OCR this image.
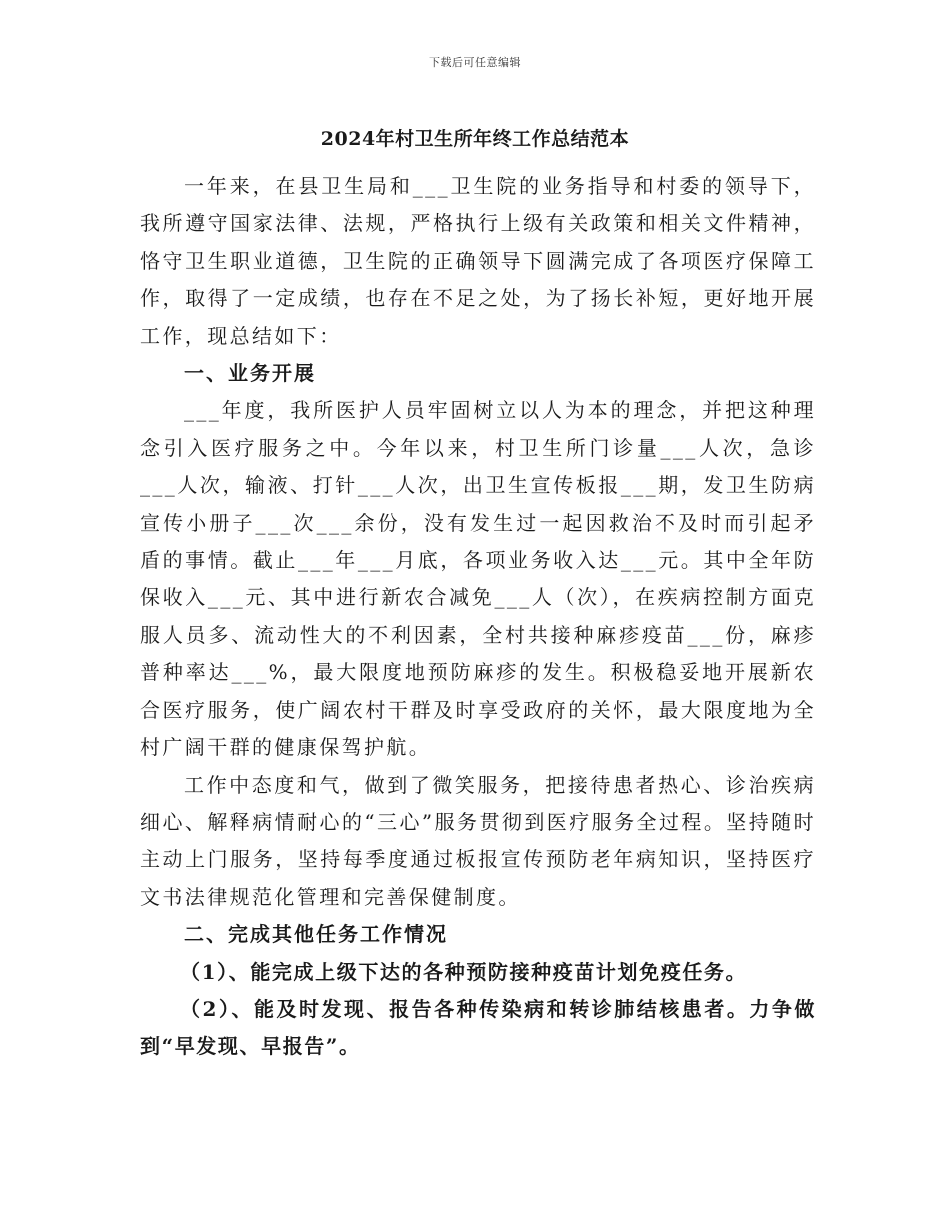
下载后可任意编辑
2024年村卫生所年终工作总结范本

一年来，在县卫生局和___卫生院的业务指导和村委的领导下，我所遵守国家法律、法规，严格执行上级有关政策和相关文件精神，恪守卫生职业道德，卫生院的正确领导下圆满完成了各项医疗保障工作，取得了一定成绩，也存在不足之处，为了扬长补短，更好地开展工作，现总结如下：

一、业务开展

___年度，我所医护人员牢固树立以人为本的理念，并把这种理念引入医疗服务之中。今年以来，村卫生所门诊量___人次，急诊___人次，输液、打针___人次，出卫生宣传板报___期，发卫生防病宣传小册子___次___余份，没有发生过一起因救治不及时而引起矛盾的事情。截止___年___月底，各项业务收入达___元。其中全年防保收入___元、其中进行新农合减免___人（次），在疾病控制方面克服人员多、流动性大的不利因素，全村共接种麻疹疫苗___份，麻疹普种率达___%，最大限度地预防麻疹的发生。积极稳妥地开展新农合医疗服务，使广阔农村干群及时享受政府的关怀，最大限度地为全村广阔干群的健康保驾护航。

工作中态度和气，做到了微笑服务，把接待患者热心、诊治疾病细心、解释病情耐心的“三心”服务贯彻到医疗服务全过程。坚持随时主动上门服务，坚持每季度通过板报宣传预防老年病知识，坚持医疗文书法律规范化管理和完善保健制度。

二、完成其他任务工作情况

（1）、能完成上级下达的各种预防接种疫苗计划免疫任务。

（2）、能及时发现、报告各种传染病和转诊肺结核患者。力争做到“早发现、早报告”。
